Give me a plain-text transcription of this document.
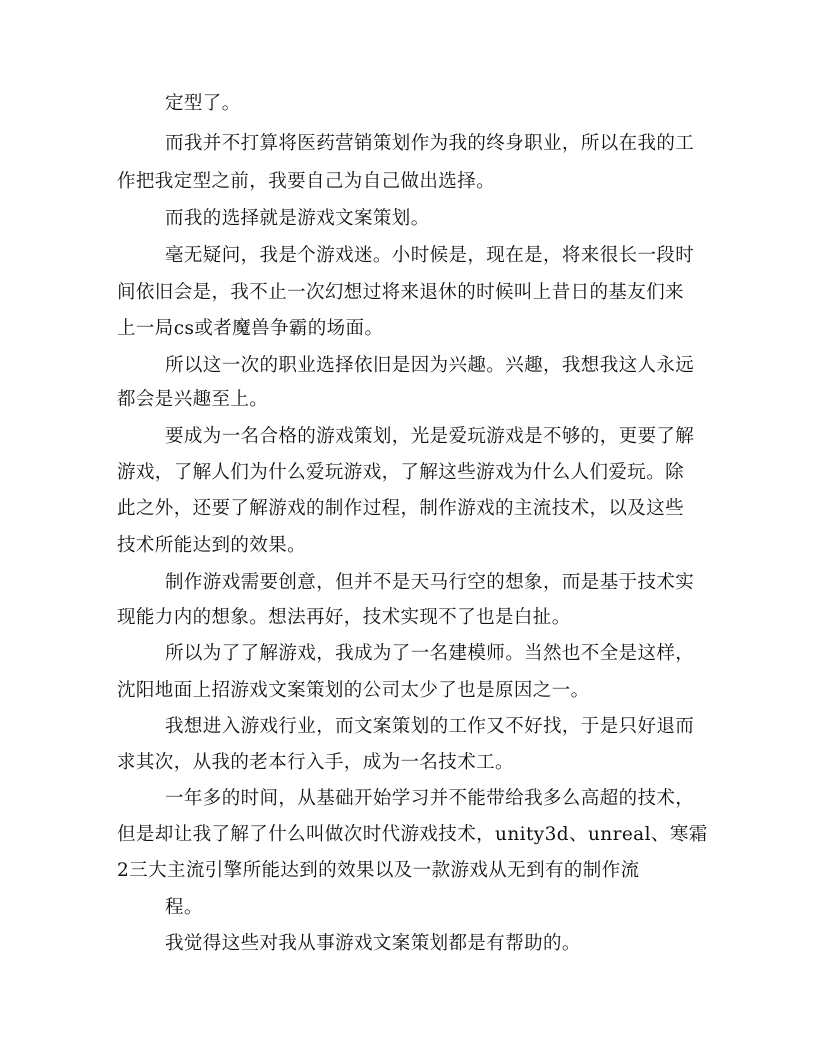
定型了。
而我并不打算将医药营销策划作为我的终身职业，所以在我的工
作把我定型之前，我要自己为自己做出选择。
而我的选择就是游戏文案策划。
毫无疑问，我是个游戏迷。小时候是，现在是，将来很长一段时
间依旧会是，我不止一次幻想过将来退休的时候叫上昔日的基友们来
上一局cs或者魔兽争霸的场面。
所以这一次的职业选择依旧是因为兴趣。兴趣，我想我这人永远
都会是兴趣至上。
要成为一名合格的游戏策划，光是爱玩游戏是不够的，更要了解
游戏，了解人们为什么爱玩游戏，了解这些游戏为什么人们爱玩。除
此之外，还要了解游戏的制作过程，制作游戏的主流技术，以及这些
技术所能达到的效果。
制作游戏需要创意，但并不是天马行空的想象，而是基于技术实
现能力内的想象。想法再好，技术实现不了也是白扯。
所以为了了解游戏，我成为了一名建模师。当然也不全是这样，
沈阳地面上招游戏文案策划的公司太少了也是原因之一。
我想进入游戏行业，而文案策划的工作又不好找，于是只好退而
求其次，从我的老本行入手，成为一名技术工。
一年多的时间，从基础开始学习并不能带给我多么高超的技术，
但是却让我了解了什么叫做次时代游戏技术，unity3d、unreal、寒霜
2三大主流引擎所能达到的效果以及一款游戏从无到有的制作流
程。
我觉得这些对我从事游戏文案策划都是有帮助的。
